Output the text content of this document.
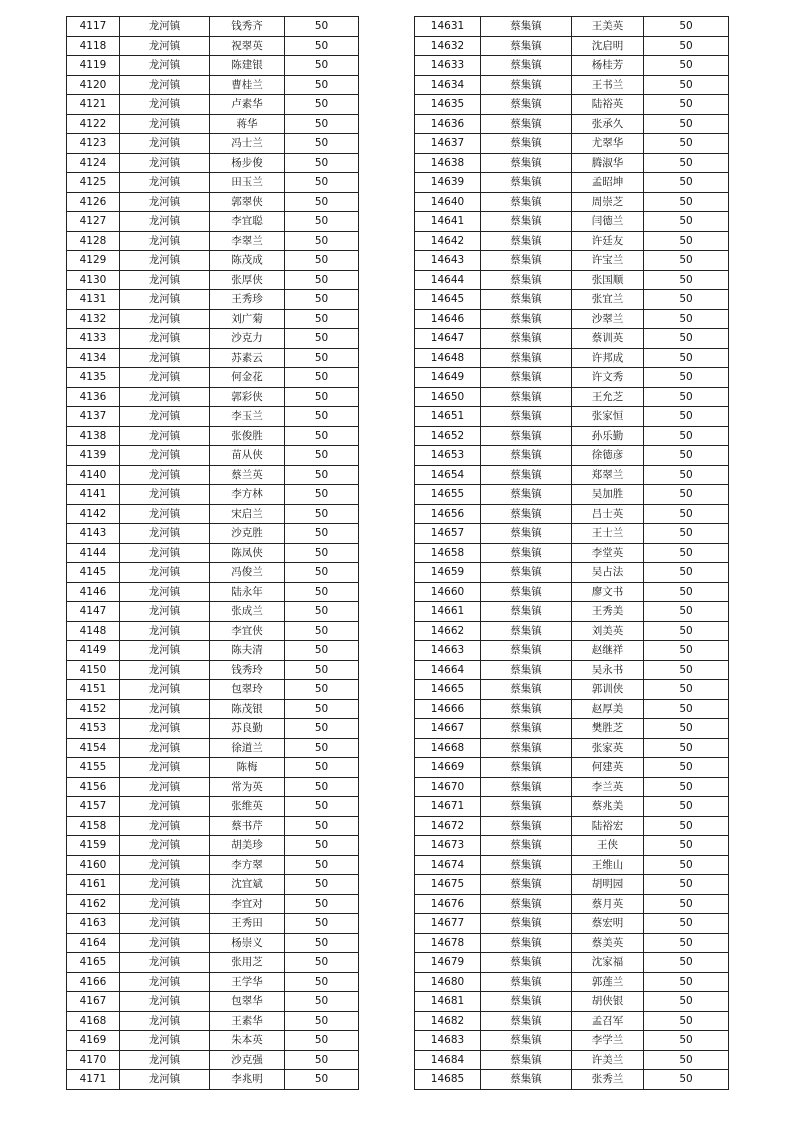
4117	龙河镇	钱秀齐	50
4118	龙河镇	祝翠英	50
4119	龙河镇	陈建银	50
4120	龙河镇	曹桂兰	50
4121	龙河镇	卢素华	50
4122	龙河镇	蒋华	50
4123	龙河镇	冯士兰	50
4124	龙河镇	杨步俊	50
4125	龙河镇	田玉兰	50
4126	龙河镇	郭翠侠	50
4127	龙河镇	李宜聪	50
4128	龙河镇	李翠兰	50
4129	龙河镇	陈茂成	50
4130	龙河镇	张厚侠	50
4131	龙河镇	王秀珍	50
4132	龙河镇	刘广菊	50
4133	龙河镇	沙克力	50
4134	龙河镇	苏素云	50
4135	龙河镇	何金花	50
4136	龙河镇	郭彩侠	50
4137	龙河镇	李玉兰	50
4138	龙河镇	张俊胜	50
4139	龙河镇	苗从侠	50
4140	龙河镇	蔡兰英	50
4141	龙河镇	李方林	50
4142	龙河镇	宋启兰	50
4143	龙河镇	沙克胜	50
4144	龙河镇	陈凤侠	50
4145	龙河镇	冯俊兰	50
4146	龙河镇	陆永年	50
4147	龙河镇	张成兰	50
4148	龙河镇	李宜侠	50
4149	龙河镇	陈夫清	50
4150	龙河镇	钱秀玲	50
4151	龙河镇	包翠玲	50
4152	龙河镇	陈茂银	50
4153	龙河镇	苏良勤	50
4154	龙河镇	徐道兰	50
4155	龙河镇	陈梅	50
4156	龙河镇	常为英	50
4157	龙河镇	张维英	50
4158	龙河镇	蔡书芹	50
4159	龙河镇	胡美珍	50
4160	龙河镇	李方翠	50
4161	龙河镇	沈宜斌	50
4162	龙河镇	李宜对	50
4163	龙河镇	王秀田	50
4164	龙河镇	杨崇义	50
4165	龙河镇	张用芝	50
4166	龙河镇	王学华	50
4167	龙河镇	包翠华	50
4168	龙河镇	王素华	50
4169	龙河镇	朱本英	50
4170	龙河镇	沙克强	50
4171	龙河镇	李兆明	50
14631	蔡集镇	王美英	50
14632	蔡集镇	沈启明	50
14633	蔡集镇	杨桂芳	50
14634	蔡集镇	王书兰	50
14635	蔡集镇	陆裕英	50
14636	蔡集镇	张承久	50
14637	蔡集镇	尤翠华	50
14638	蔡集镇	腾淑华	50
14639	蔡集镇	孟昭坤	50
14640	蔡集镇	周崇芝	50
14641	蔡集镇	闫德兰	50
14642	蔡集镇	许廷友	50
14643	蔡集镇	许宝兰	50
14644	蔡集镇	张国顺	50
14645	蔡集镇	张宜兰	50
14646	蔡集镇	沙翠兰	50
14647	蔡集镇	蔡训英	50
14648	蔡集镇	许邦成	50
14649	蔡集镇	许文秀	50
14650	蔡集镇	王允芝	50
14651	蔡集镇	张家恒	50
14652	蔡集镇	孙乐勤	50
14653	蔡集镇	徐德彦	50
14654	蔡集镇	郑翠兰	50
14655	蔡集镇	吴加胜	50
14656	蔡集镇	吕士英	50
14657	蔡集镇	王士兰	50
14658	蔡集镇	李堂英	50
14659	蔡集镇	吴占法	50
14660	蔡集镇	廖文书	50
14661	蔡集镇	王秀美	50
14662	蔡集镇	刘美英	50
14663	蔡集镇	赵继祥	50
14664	蔡集镇	吴永书	50
14665	蔡集镇	郭训侠	50
14666	蔡集镇	赵厚美	50
14667	蔡集镇	樊胜芝	50
14668	蔡集镇	张家英	50
14669	蔡集镇	何建英	50
14670	蔡集镇	李兰英	50
14671	蔡集镇	蔡兆美	50
14672	蔡集镇	陆裕宏	50
14673	蔡集镇	王侠	50
14674	蔡集镇	王维山	50
14675	蔡集镇	胡明园	50
14676	蔡集镇	蔡月英	50
14677	蔡集镇	蔡宏明	50
14678	蔡集镇	蔡美英	50
14679	蔡集镇	沈家福	50
14680	蔡集镇	郭莲兰	50
14681	蔡集镇	胡侠银	50
14682	蔡集镇	孟召军	50
14683	蔡集镇	李学兰	50
14684	蔡集镇	许美兰	50
14685	蔡集镇	张秀兰	50
